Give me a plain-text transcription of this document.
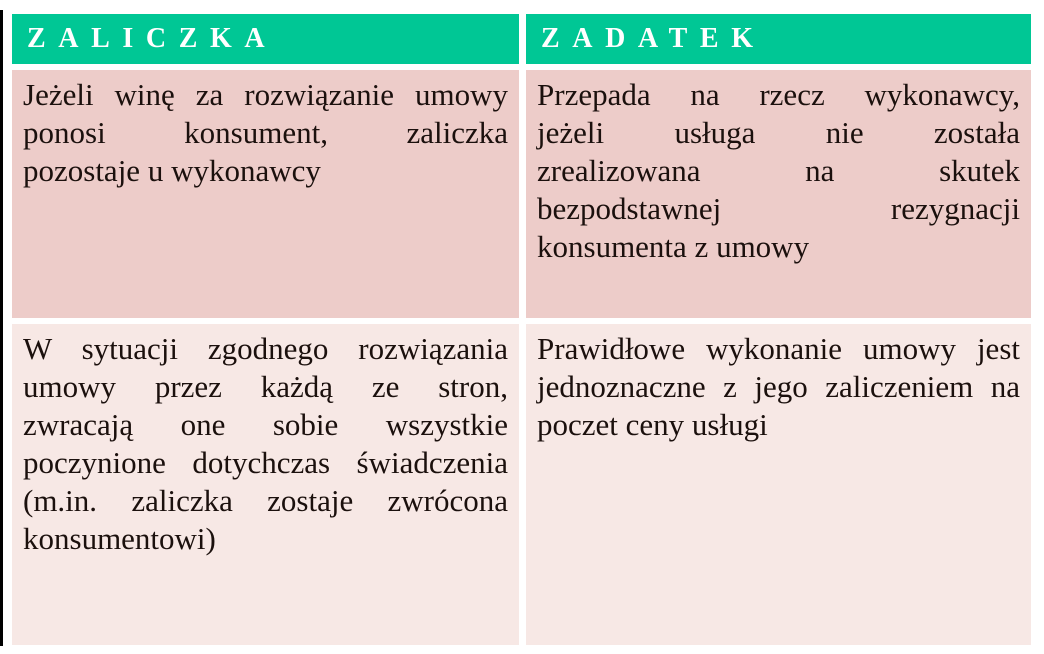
ZALICZKA	ZADATEK
Jeżeli winę za rozwiązanie umowy
ponosi konsument, zaliczka
pozostaje u wykonawcy
Przepada na rzecz wykonawcy,
jeżeli usługa nie została
zrealizowana na skutek
bezpodstawnej rezygnacji
konsumenta z umowy
W sytuacji zgodnego rozwiązania
umowy przez każdą ze stron,
zwracają one sobie wszystkie
poczynione dotychczas świadczenia
(m.in. zaliczka zostaje zwrócona
konsumentowi)
Prawidłowe wykonanie umowy jest
jednoznaczne z jego zaliczeniem na
poczet ceny usługi
